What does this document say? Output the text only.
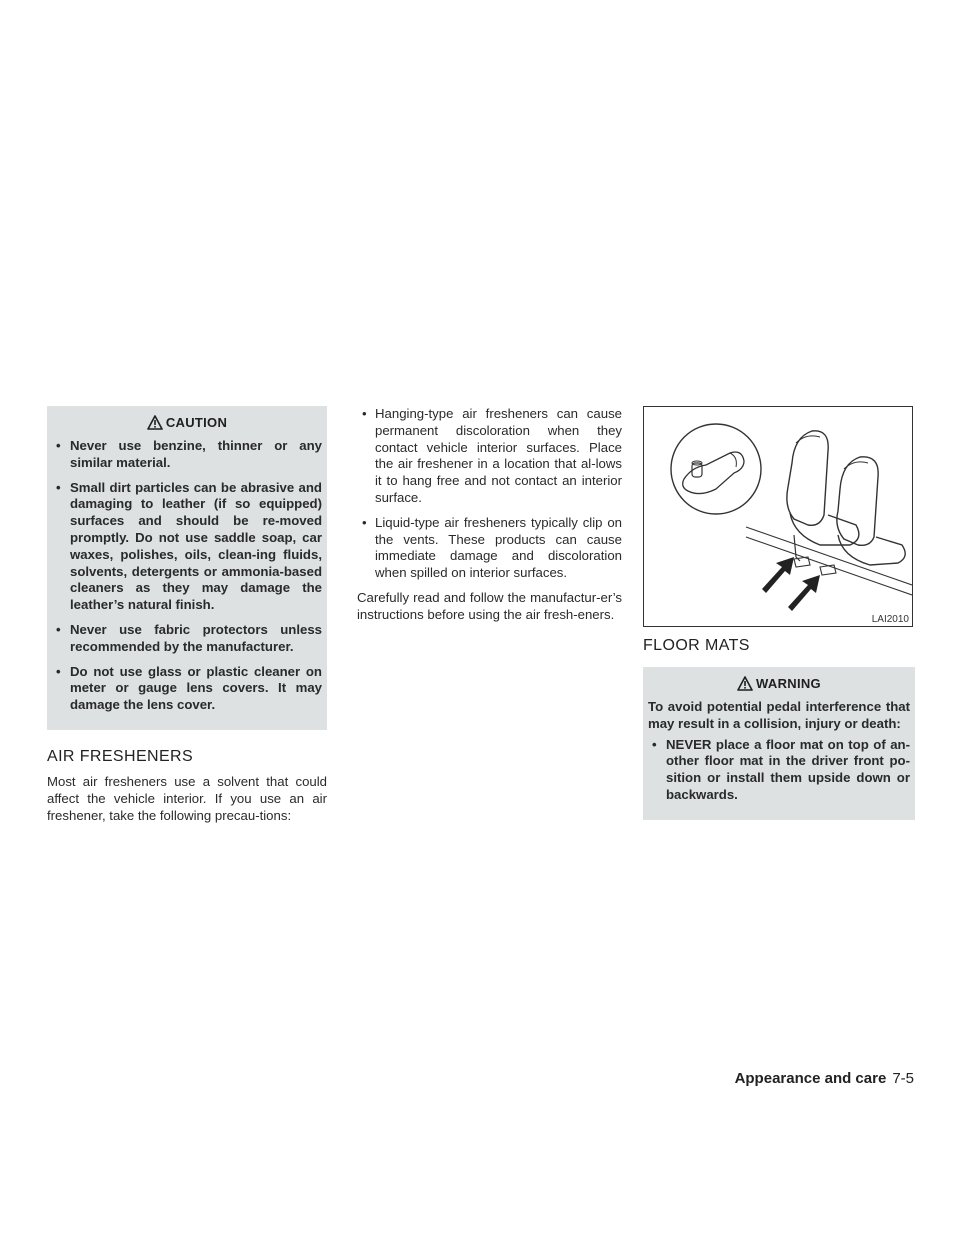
CAUTION
• Never use benzine, thinner or any similar material.
• Small dirt particles can be abrasive and damaging to leather (if so equipped) surfaces and should be re-moved promptly. Do not use saddle soap, car waxes, polishes, oils, clean-ing fluids, solvents, detergents or ammonia-based cleaners as they may damage the leather’s natural finish.
• Never use fabric protectors unless recommended by the manufacturer.
• Do not use glass or plastic cleaner on meter or gauge lens covers. It may damage the lens cover.
AIR FRESHENERS

Most air fresheners use a solvent that could affect the vehicle interior. If you use an air freshener, take the following precau-tions:

• Hanging-type air fresheners can cause permanent discoloration when they contact vehicle interior surfaces. Place the air freshener in a location that al-lows it to hang free and not contact an interior surface.
• Liquid-type air fresheners typically clip on the vents. These products can cause immediate damage and discoloration when spilled on interior surfaces.

Carefully read and follow the manufactur-er’s instructions before using the air fresh-eners.	LAI2010
FLOOR MATS
WARNING

To avoid potential pedal interference that may result in a collision, injury or death:

• NEVER place a floor mat on top of an-other floor mat in the driver front po-sition or install them upside down or backwards.
Appearance and care 7-5
